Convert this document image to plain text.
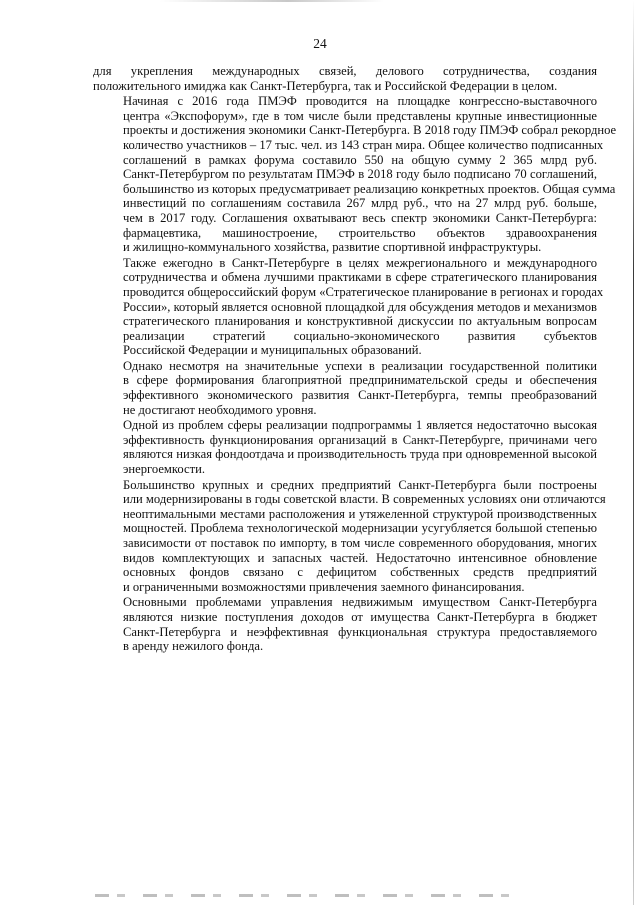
24

для укрепления международных связей, делового сотрудничества, создания
положительного имиджа как Санкт-Петербурга, так и Российской Федерации в целом.

Начиная с 2016 года ПМЭФ проводится на площадке конгрессно-выставочного
центра «Экспофорум», где в том числе были представлены крупные инвестиционные
проекты и достижения экономики Санкт-Петербурга. В 2018 году ПМЭФ собрал рекордное
количество участников – 17 тыс. чел. из 143 стран мира. Общее количество подписанных
соглашений в рамках форума составило 550 на общую сумму 2 365 млрд руб.
Санкт-Петербургом по результатам ПМЭФ в 2018 году было подписано 70 соглашений,
большинство из которых предусматривает реализацию конкретных проектов. Общая сумма
инвестиций по соглашениям составила 267 млрд руб., что на 27 млрд руб. больше,
чем в 2017 году. Соглашения охватывают весь спектр экономики Санкт-Петербурга:
фармацевтика, машиностроение, строительство объектов здравоохранения
и жилищно-коммунального хозяйства, развитие спортивной инфраструктуры.

Также ежегодно в Санкт-Петербурге в целях межрегионального и международного
сотрудничества и обмена лучшими практиками в сфере стратегического планирования
проводится общероссийский форум «Стратегическое планирование в регионах и городах
России», который является основной площадкой для обсуждения методов и механизмов
стратегического планирования и конструктивной дискуссии по актуальным вопросам
реализации стратегий социально-экономического развития субъектов
Российской Федерации и муниципальных образований.

Однако несмотря на значительные успехи в реализации государственной политики
в сфере формирования благоприятной предпринимательской среды и обеспечения
эффективного экономического развития Санкт-Петербурга, темпы преобразований
не достигают необходимого уровня.

Одной из проблем сферы реализации подпрограммы 1 является недостаточно высокая
эффективность функционирования организаций в Санкт-Петербурге, причинами чего
являются низкая фондоотдача и производительность труда при одновременной высокой
энергоемкости.

Большинство крупных и средних предприятий Санкт-Петербурга были построены
или модернизированы в годы советской власти. В современных условиях они отличаются
неоптимальными местами расположения и утяжеленной структурой производственных
мощностей. Проблема технологической модернизации усугубляется большой степенью
зависимости от поставок по импорту, в том числе современного оборудования, многих
видов комплектующих и запасных частей. Недостаточно интенсивное обновление
основных фондов связано с дефицитом собственных средств предприятий
и ограниченными возможностями привлечения заемного финансирования.

Основными проблемами управления недвижимым имуществом Санкт-Петербурга
являются низкие поступления доходов от имущества Санкт-Петербурга в бюджет
Санкт-Петербурга и неэффективная функциональная структура предоставляемого
в аренду нежилого фонда.
